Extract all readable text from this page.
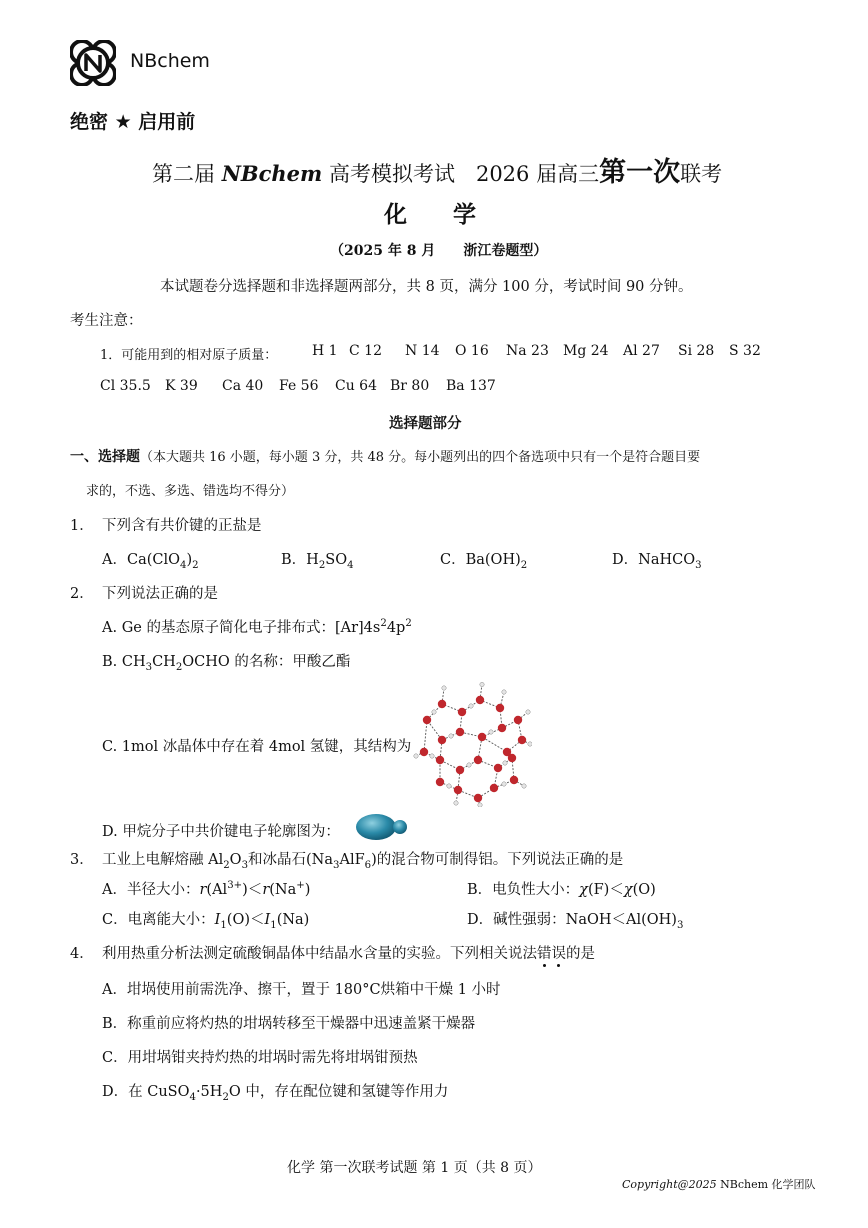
NBchem
绝密 ★ 启用前
第二届 NBchem 高考模拟考试　2026 届高三第一次联考
化　　学
（2025 年 8 月　　浙江卷题型）
本试题卷分选择题和非选择题两部分，共 8 页，满分 100 分，考试时间 90 分钟。
考生注意：
1．可能用到的相对原子质量： H 1 C 12 N 14 O 16 Na 23 Mg 24 Al 27 Si 28 S 32
Cl 35.5 K 39 Ca 40 Fe 56 Cu 64 Br 80 Ba 137
选择题部分
一、选择题（本大题共 16 小题，每小题 3 分，共 48 分。每小题列出的四个备选项中只有一个是符合题目要
求的，不选、多选、错选均不得分）
1． 下列含有共价键的正盐是
A．$Ca(ClO_4)_2$	B．$H_2SO_4$	C．$Ba(OH)_2$	D．NaHCO$_3$
2． 下列说法正确的是
A. Ge 的基态原子简化电子排布式：$[Ar]4s^24p^2$
B. $CH_3CH_2OCHO$ 的名称：甲酸乙酯
C. 1mol 冰晶体中存在着 4mol 氢键，其结构为
D. 甲烷分子中共价键电子轮廓图为：
3． 工业上电解熔融 $Al_2O_3$和冰晶石$(Na_3AlF_6)$的混合物可制得铝。下列说法正确的是
A．半径大小：$r(Al^{3+})<r(Na^+)$	B．电负性大小：χ(F)＜χ(O)
C．电离能大小：$I_1(O)<I_1(Na)$	D．碱性强弱：$NaOH<Al(OH)_3$
4． 利用热重分析法测定硫酸铜晶体中结晶水含量的实验。下列相关说法错误的是
A．坩埚使用前需洗净、擦干，置于 180°C烘箱中干燥 1 小时
B．称重前应将灼热的坩埚转移至干燥器中迅速盖紧干燥器
C．用坩埚钳夹持灼热的坩埚时需先将坩埚钳预热
D．在 $CuSO_4\cdot 5H_2O$ 中，存在配位键和氢键等作用力
化学 第一次联考试题 第 1 页（共 8 页）
Copyright@2025 NBchem 化学团队
